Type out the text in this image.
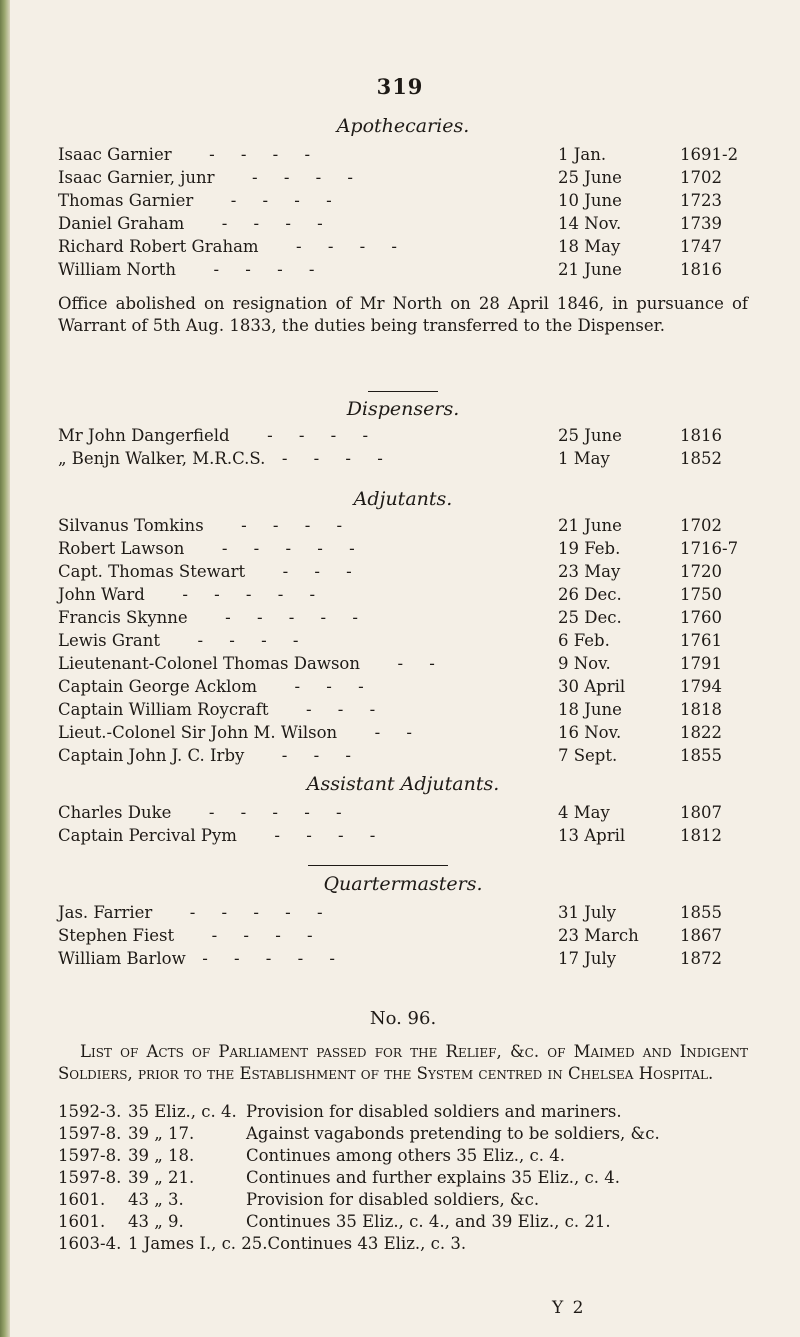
319

Apothecaries.

Isaac Garnier -     -     -     -	1 Jan.	1691-2
Isaac Garnier, junr -     -     -     -	25 June	1702
Thomas Garnier -     -     -     -	10 June	1723
Daniel Graham -     -     -     -	14 Nov.	1739
Richard Robert Graham -     -     -     -	18 May	1747
William North -     -     -     -	21 June	1816

Office abolished on resignation of Mr North on 28 April 1846, in pursuance of Warrant of 5th Aug. 1833, the duties being transferred to the Dispenser.

Dispensers.

Mr John Dangerfield -     -     -     -	25 June	1816
„ Benjn Walker, M.R.C.S. -     -     -     -	1 May	1852

Adjutants.

Silvanus Tomkins -     -     -     -	21 June	1702
Robert Lawson -     -     -     -     -	19 Feb.	1716-7
Capt. Thomas Stewart -     -     -	23 May	1720
John Ward -     -     -     -     -	26 Dec.	1750
Francis Skynne -     -     -     -     -	25 Dec.	1760
Lewis Grant -     -     -     -	6 Feb.	1761
Lieutenant-Colonel Thomas Dawson -     -	9 Nov.	1791
Captain George Acklom -     -     -	30 April	1794
Captain William Roycraft -     -     -	18 June	1818
Lieut.-Colonel Sir John M. Wilson -     -	16 Nov.	1822
Captain John J. C. Irby -     -     -	7 Sept.	1855

Assistant Adjutants.

Charles Duke -     -     -     -     -	4 May	1807
Captain Percival Pym -     -     -     -	13 April	1812

Quartermasters.

Jas. Farrier -     -     -     -     -	31 July	1855
Stephen Fiest -     -     -     -	23 March	1867
William Barlow -     -     -     -     -	17 July	1872

No. 96.

List of Acts of Parliament passed for the Relief, &c. of Maimed and Indigent Soldiers, prior to the Establishment of the System centred in Chelsea Hospital.

1592-3. 35 Eliz., c. 4. Provision for disabled soldiers and mariners.
1597-8. 39 „ 17.	Against vagabonds pretending to be soldiers, &c.
1597-8. 39 „ 18.	Continues among others 35 Eliz., c. 4.
1597-8. 39 „ 21.	Continues and further explains 35 Eliz., c. 4.
1601.	43 „ 3.	Provision for disabled soldiers, &c.
1601.	43 „ 9.	Continues 35 Eliz., c. 4., and 39 Eliz., c. 21.
1603-4. 1 James I., c. 25. Continues 43 Eliz., c. 3.
Y 2
